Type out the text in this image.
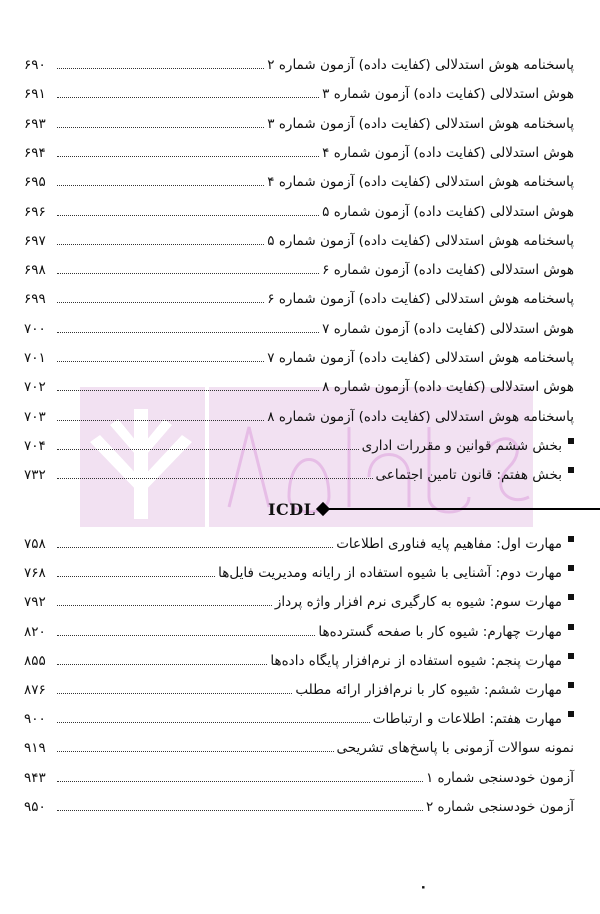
پاسخنامه هوش استدلالی (کفایت داده) آزمون شماره ۲
۶۹۰
هوش استدلالی (کفایت داده) آزمون شماره ۳
۶۹۱
پاسخنامه هوش استدلالی (کفایت داده) آزمون شماره ۳
۶۹۳
هوش استدلالی (کفایت داده) آزمون شماره ۴
۶۹۴
پاسخنامه هوش استدلالی (کفایت داده) آزمون شماره ۴
۶۹۵
هوش استدلالی (کفایت داده) آزمون شماره ۵
۶۹۶
پاسخنامه هوش استدلالی (کفایت داده) آزمون شماره ۵
۶۹۷
هوش استدلالی (کفایت داده) آزمون شماره ۶
۶۹۸
پاسخنامه هوش استدلالی (کفایت داده) آزمون شماره ۶
۶۹۹
هوش استدلالی (کفایت داده) آزمون شماره ۷
۷۰۰
پاسخنامه هوش استدلالی (کفایت داده) آزمون شماره ۷
۷۰۱
هوش استدلالی (کفایت داده) آزمون شماره ۸
۷۰۲
پاسخنامه هوش استدلالی (کفایت داده) آزمون شماره ۸
۷۰۳
بخش ششم قوانین و مقررات اداری
۷۰۴
بخش هفتم: قانون تامین اجتماعی
۷۳۲
مهارت اول: مفاهیم پایه فناوری اطلاعات
۷۵۸
مهارت دوم: آشنایی با شیوه استفاده از رایانه ومدیریت فایل‌ها
۷۶۸
مهارت سوم: شیوه به کارگیری نرم افزار واژه پرداز
۷۹۲
مهارت چهارم: شیوه کار با صفحه گسترده‌ها
۸۲۰
مهارت پنجم: شیوه استفاده از نرم‌افزار پایگاه داده‌ها
۸۵۵
مهارت ششم: شیوه کار با نرم‌افزار ارائه مطلب
۸۷۶
مهارت هفتم: اطلاعات و ارتباطات
۹۰۰
نمونه سوالات آزمونی با پاسخ‌های تشریحی
۹۱۹
آزمون خودسنجی شماره ۱
۹۴۳
آزمون خودسنجی شماره ۲
۹۵۰
ICDL
۰
